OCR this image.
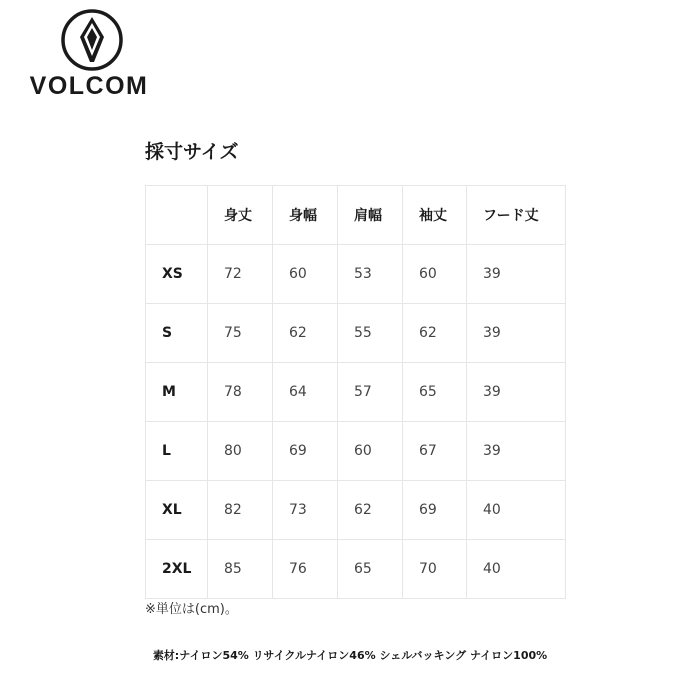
VOLCOM
採寸サイズ
	身丈	身幅	肩幅	袖丈	フード丈
XS	72	60	53	60	39
S	75	62	55	62	39
M	78	64	57	65	39
L	80	69	60	67	39
XL	82	73	62	69	40
2XL	85	76	65	70	40
※単位は(cm)。
素材:ナイロン54% リサイクルナイロン46% シェルバッキング ナイロン100%
